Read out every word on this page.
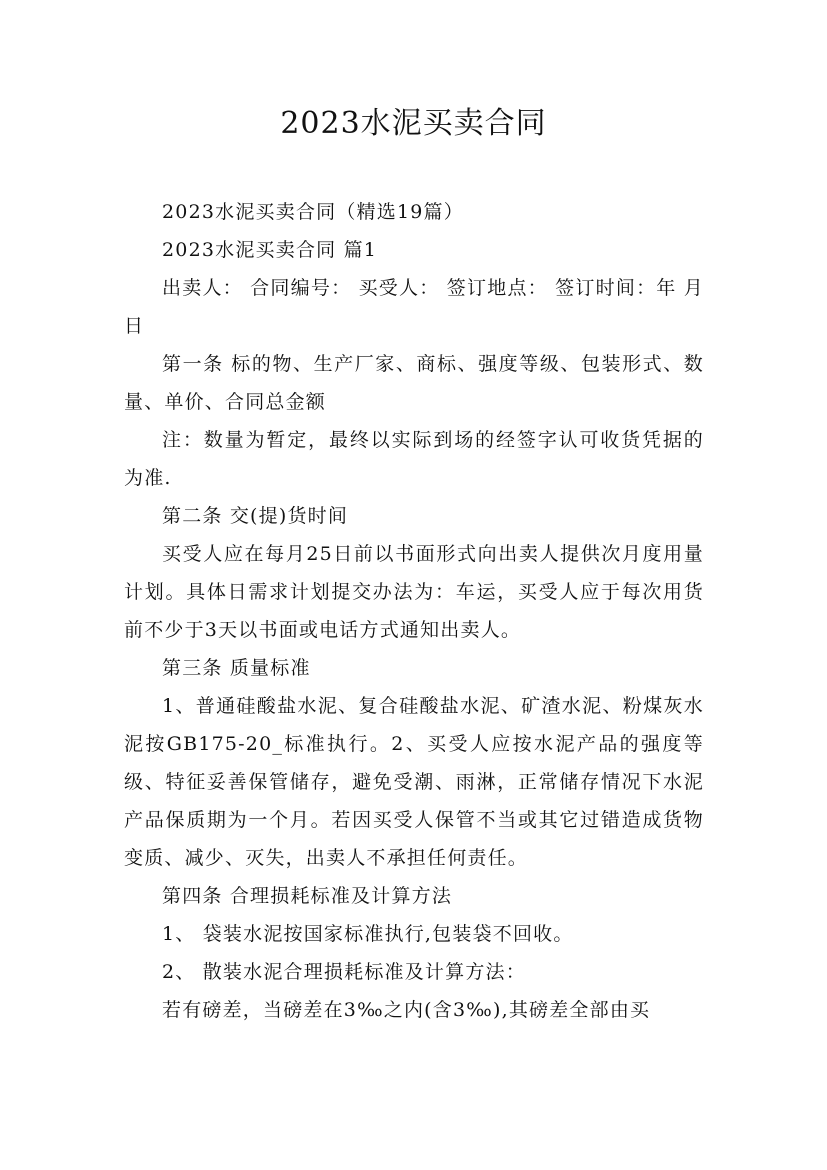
2023水泥买卖合同

2023水泥买卖合同（精选19篇）

2023水泥买卖合同 篇1

出卖人： 合同编号： 买受人： 签订地点： 签订时间：年 月 日

第一条 标的物、生产厂家、商标、强度等级、包装形式、数量、单价、合同总金额

注：数量为暂定，最终以实际到场的经签字认可收货凭据的为准.

第二条 交(提)货时间

买受人应在每月25日前以书面形式向出卖人提供次月度用量计划。具体日需求计划提交办法为：车运，买受人应于每次用货前不少于3天以书面或电话方式通知出卖人。

第三条 质量标准

1、普通硅酸盐水泥、复合硅酸盐水泥、矿渣水泥、粉煤灰水泥按GB175-20_标准执行。2、买受人应按水泥产品的强度等级、特征妥善保管储存，避免受潮、雨淋，正常储存情况下水泥产品保质期为一个月。若因买受人保管不当或其它过错造成货物变质、减少、灭失，出卖人不承担任何责任。

第四条 合理损耗标准及计算方法

1、 袋装水泥按国家标准执行,包装袋不回收。

2、 散装水泥合理损耗标准及计算方法：

若有磅差，当磅差在3‰之内(含3‰),其磅差全部由买
